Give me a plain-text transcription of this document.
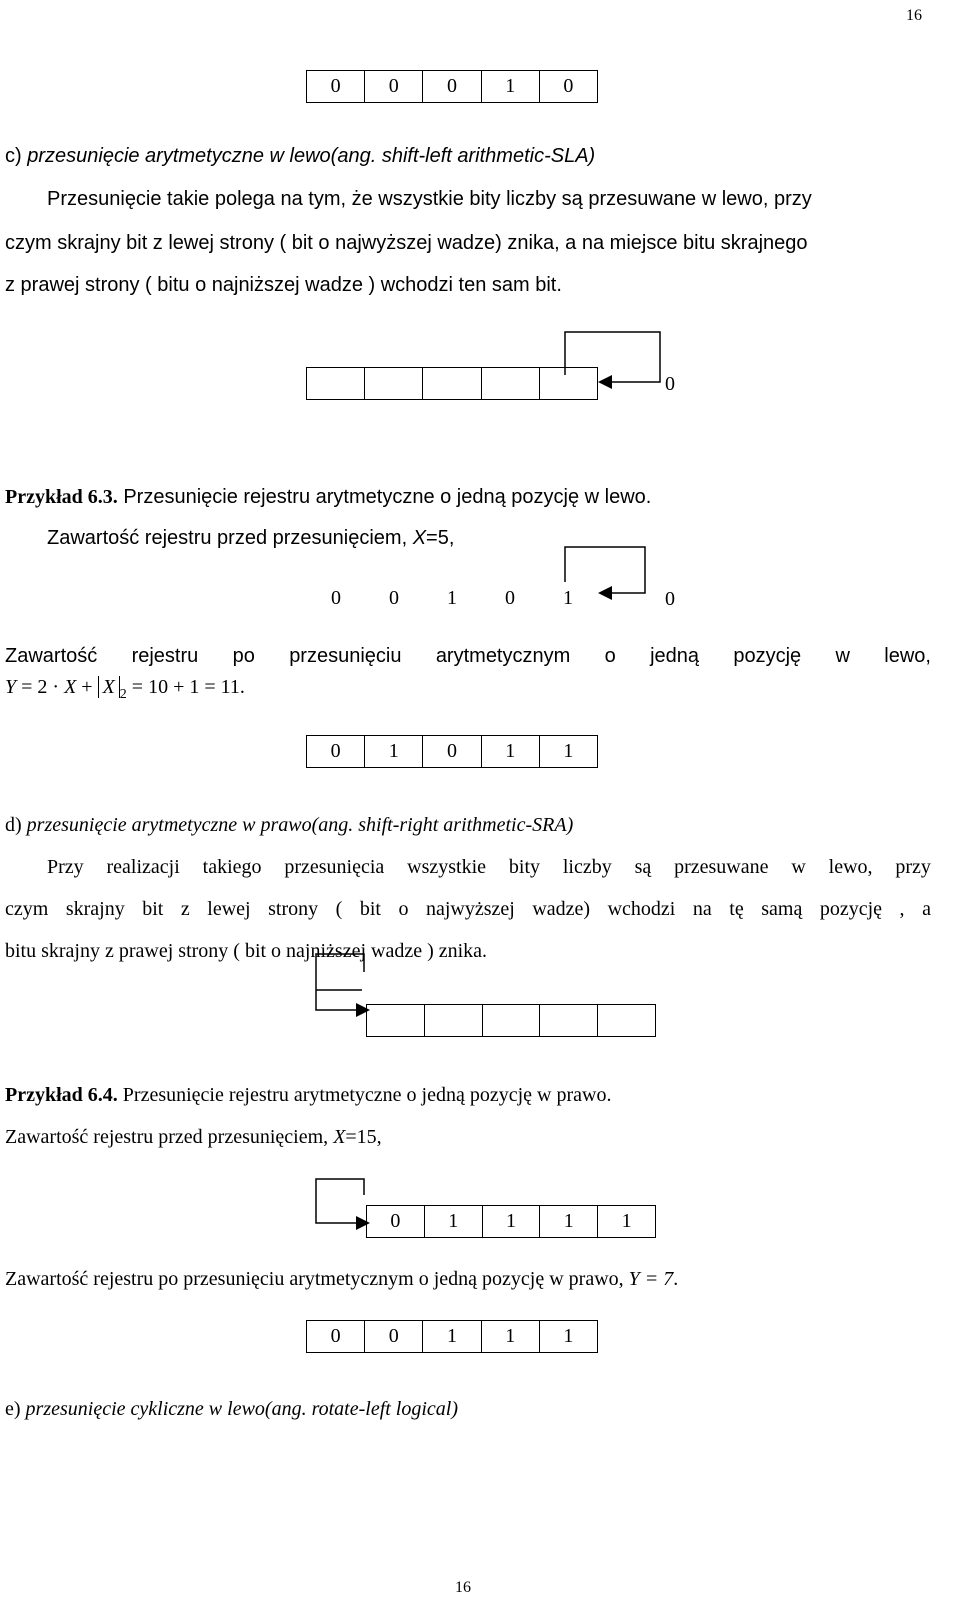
16
0	0	0	1	0
c) przesunięcie arytmetyczne w lewo(ang. shift-left arithmetic-SLA)
Przesunięcie takie polega na tym, że wszystkie bity liczby są przesuwane w lewo, przy
czym skrajny bit z lewej strony ( bit o najwyższej wadze) znika, a na miejsce bitu skrajnego
z prawej strony ( bitu o najniższej wadze ) wchodzi ten sam bit.
0
Przykład 6.3. Przesunięcie rejestru arytmetyczne o jedną pozycję w lewo.
Zawartość rejestru przed przesunięciem, X=5,
0	0	1	0	1	0
Zawartość rejestru po przesunięciu arytmetycznym o jedną pozycję w lewo,
Y = 2 · X + X $_2$ = 10 + 1 = 11.
0	1	0	1	1
d) przesunięcie arytmetyczne w prawo(ang. shift-right arithmetic-SRA)
Przy realizacji takiego przesunięcia wszystkie bity liczby są przesuwane w lewo, przy
czym skrajny bit z lewej strony ( bit o najwyższej wadze) wchodzi na tę samą pozycję , a
bitu skrajny z prawej strony ( bit o najniższej wadze ) znika.
Przykład 6.4. Przesunięcie rejestru arytmetyczne o jedną pozycję w prawo.
Zawartość rejestru przed przesunięciem, X=15,
0	1	1	1	1
Zawartość rejestru po przesunięciu arytmetycznym o jedną pozycję w prawo, Y = 7.
0	0	1	1	1
e) przesunięcie cykliczne w lewo(ang. rotate-left logical)
16
